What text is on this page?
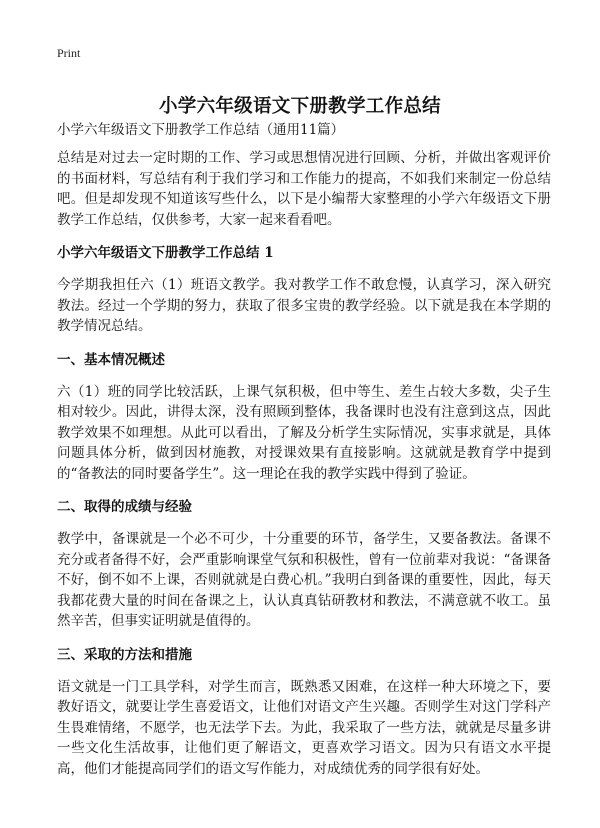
Print
小学六年级语文下册教学工作总结
小学六年级语文下册教学工作总结（通用11篇）

总结是对过去一定时期的工作、学习或思想情况进行回顾、分析，并做出客观评价的书面材料，写总结有利于我们学习和工作能力的提高，不如我们来制定一份总结吧。但是却发现不知道该写些什么，以下是小编帮大家整理的小学六年级语文下册教学工作总结，仅供参考，大家一起来看看吧。

小学六年级语文下册教学工作总结 1

今学期我担任六（1）班语文教学。我对教学工作不敢怠慢，认真学习，深入研究教法。经过一个学期的努力，获取了很多宝贵的教学经验。以下就是我在本学期的教学情况总结。

一、基本情况概述

六（1）班的同学比较活跃，上课气氛积极，但中等生、差生占较大多数，尖子生相对较少。因此，讲得太深，没有照顾到整体，我备课时也没有注意到这点，因此教学效果不如理想。从此可以看出，了解及分析学生实际情况，实事求就是，具体问题具体分析，做到因材施教，对授课效果有直接影响。这就就是教育学中提到的“备教法的同时要备学生”。这一理论在我的教学实践中得到了验证。

二、取得的成绩与经验

教学中，备课就是一个必不可少，十分重要的环节，备学生，又要备教法。备课不充分或者备得不好，会严重影响课堂气氛和积极性，曾有一位前辈对我说：“备课备不好，倒不如不上课，否则就就是白费心机。”我明白到备课的重要性，因此，每天我都花费大量的时间在备课之上，认认真真钻研教材和教法，不满意就不收工。虽然辛苦，但事实证明就是值得的。

三、采取的方法和措施

语文就是一门工具学科，对学生而言，既熟悉又困难，在这样一种大环境之下，要教好语文，就要让学生喜爱语文，让他们对语文产生兴趣。否则学生对这门学科产生畏难情绪，不愿学，也无法学下去。为此，我采取了一些方法，就就是尽量多讲一些文化生活故事，让他们更了解语文，更喜欢学习语文。因为只有语文水平提高，他们才能提高同学们的语文写作能力，对成绩优秀的同学很有好处。
